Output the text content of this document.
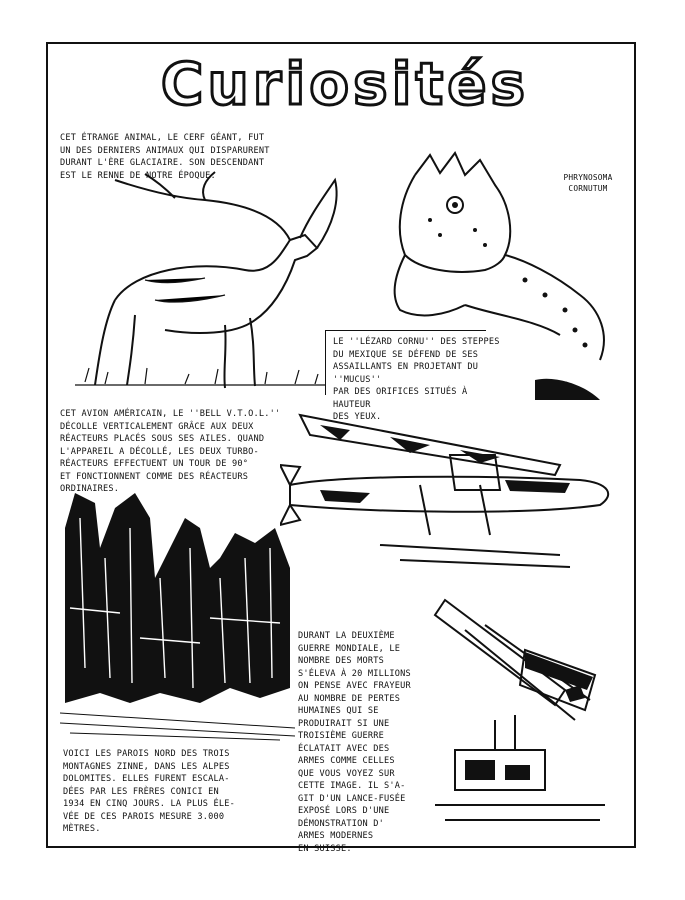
Curiosités
CET ÉTRANGE ANIMAL, LE CERF GÉANT, FUT
UN DES DERNIERS ANIMAUX QUI DISPARURENT
DURANT L'ÈRE GLACIAIRE. SON DESCENDANT
EST LE RENNE DE NOTRE ÉPOQUE.	PHRYNOSOMA
CORNUTUM
LE ''LÉZARD CORNU'' DES STEPPES
DU MEXIQUE SE DÉFEND DE SES
ASSAILLANTS EN PROJETANT DU ''MUCUS''
PAR DES ORIFICES SITUÉS À HAUTEUR
DES YEUX.
CET AVION AMÉRICAIN, LE ''BELL V.T.O.L.''
DÉCOLLE VERTICALEMENT GRÂCE AUX DEUX
RÉACTEURS PLACÉS SOUS SES AILES. QUAND
L'APPAREIL A DÉCOLLÉ, LES DEUX TURBO-
RÉACTEURS EFFECTUENT UN TOUR DE 90°
ET FONCTIONNENT COMME DES RÉACTEURS
ORDINAIRES.
VOICI LES PAROIS NORD DES TROIS
MONTAGNES ZINNE, DANS LES ALPES
DOLOMITES. ELLES FURENT ESCALA-
DÉES PAR LES FRÈRES CONICI EN
1934 EN CINQ JOURS. LA PLUS ÉLE-
VÉE DE CES PAROIS MESURE 3.000
MÈTRES.
DURANT LA DEUXIÈME
GUERRE MONDIALE, LE
NOMBRE DES MORTS
S'ÉLEVA À 20 MILLIONS
ON PENSE AVEC FRAYEUR
AU NOMBRE DE PERTES
HUMAINES QUI SE
PRODUIRAIT SI UNE
TROISIÈME GUERRE
ÉCLATAIT AVEC DES
ARMES COMME CELLES
QUE VOUS VOYEZ SUR
CETTE IMAGE. IL S'A-
GIT D'UN LANCE-FUSÉE
EXPOSÉ LORS D'UNE
DÉMONSTRATION D'
ARMES MODERNES
EN SUISSE.
